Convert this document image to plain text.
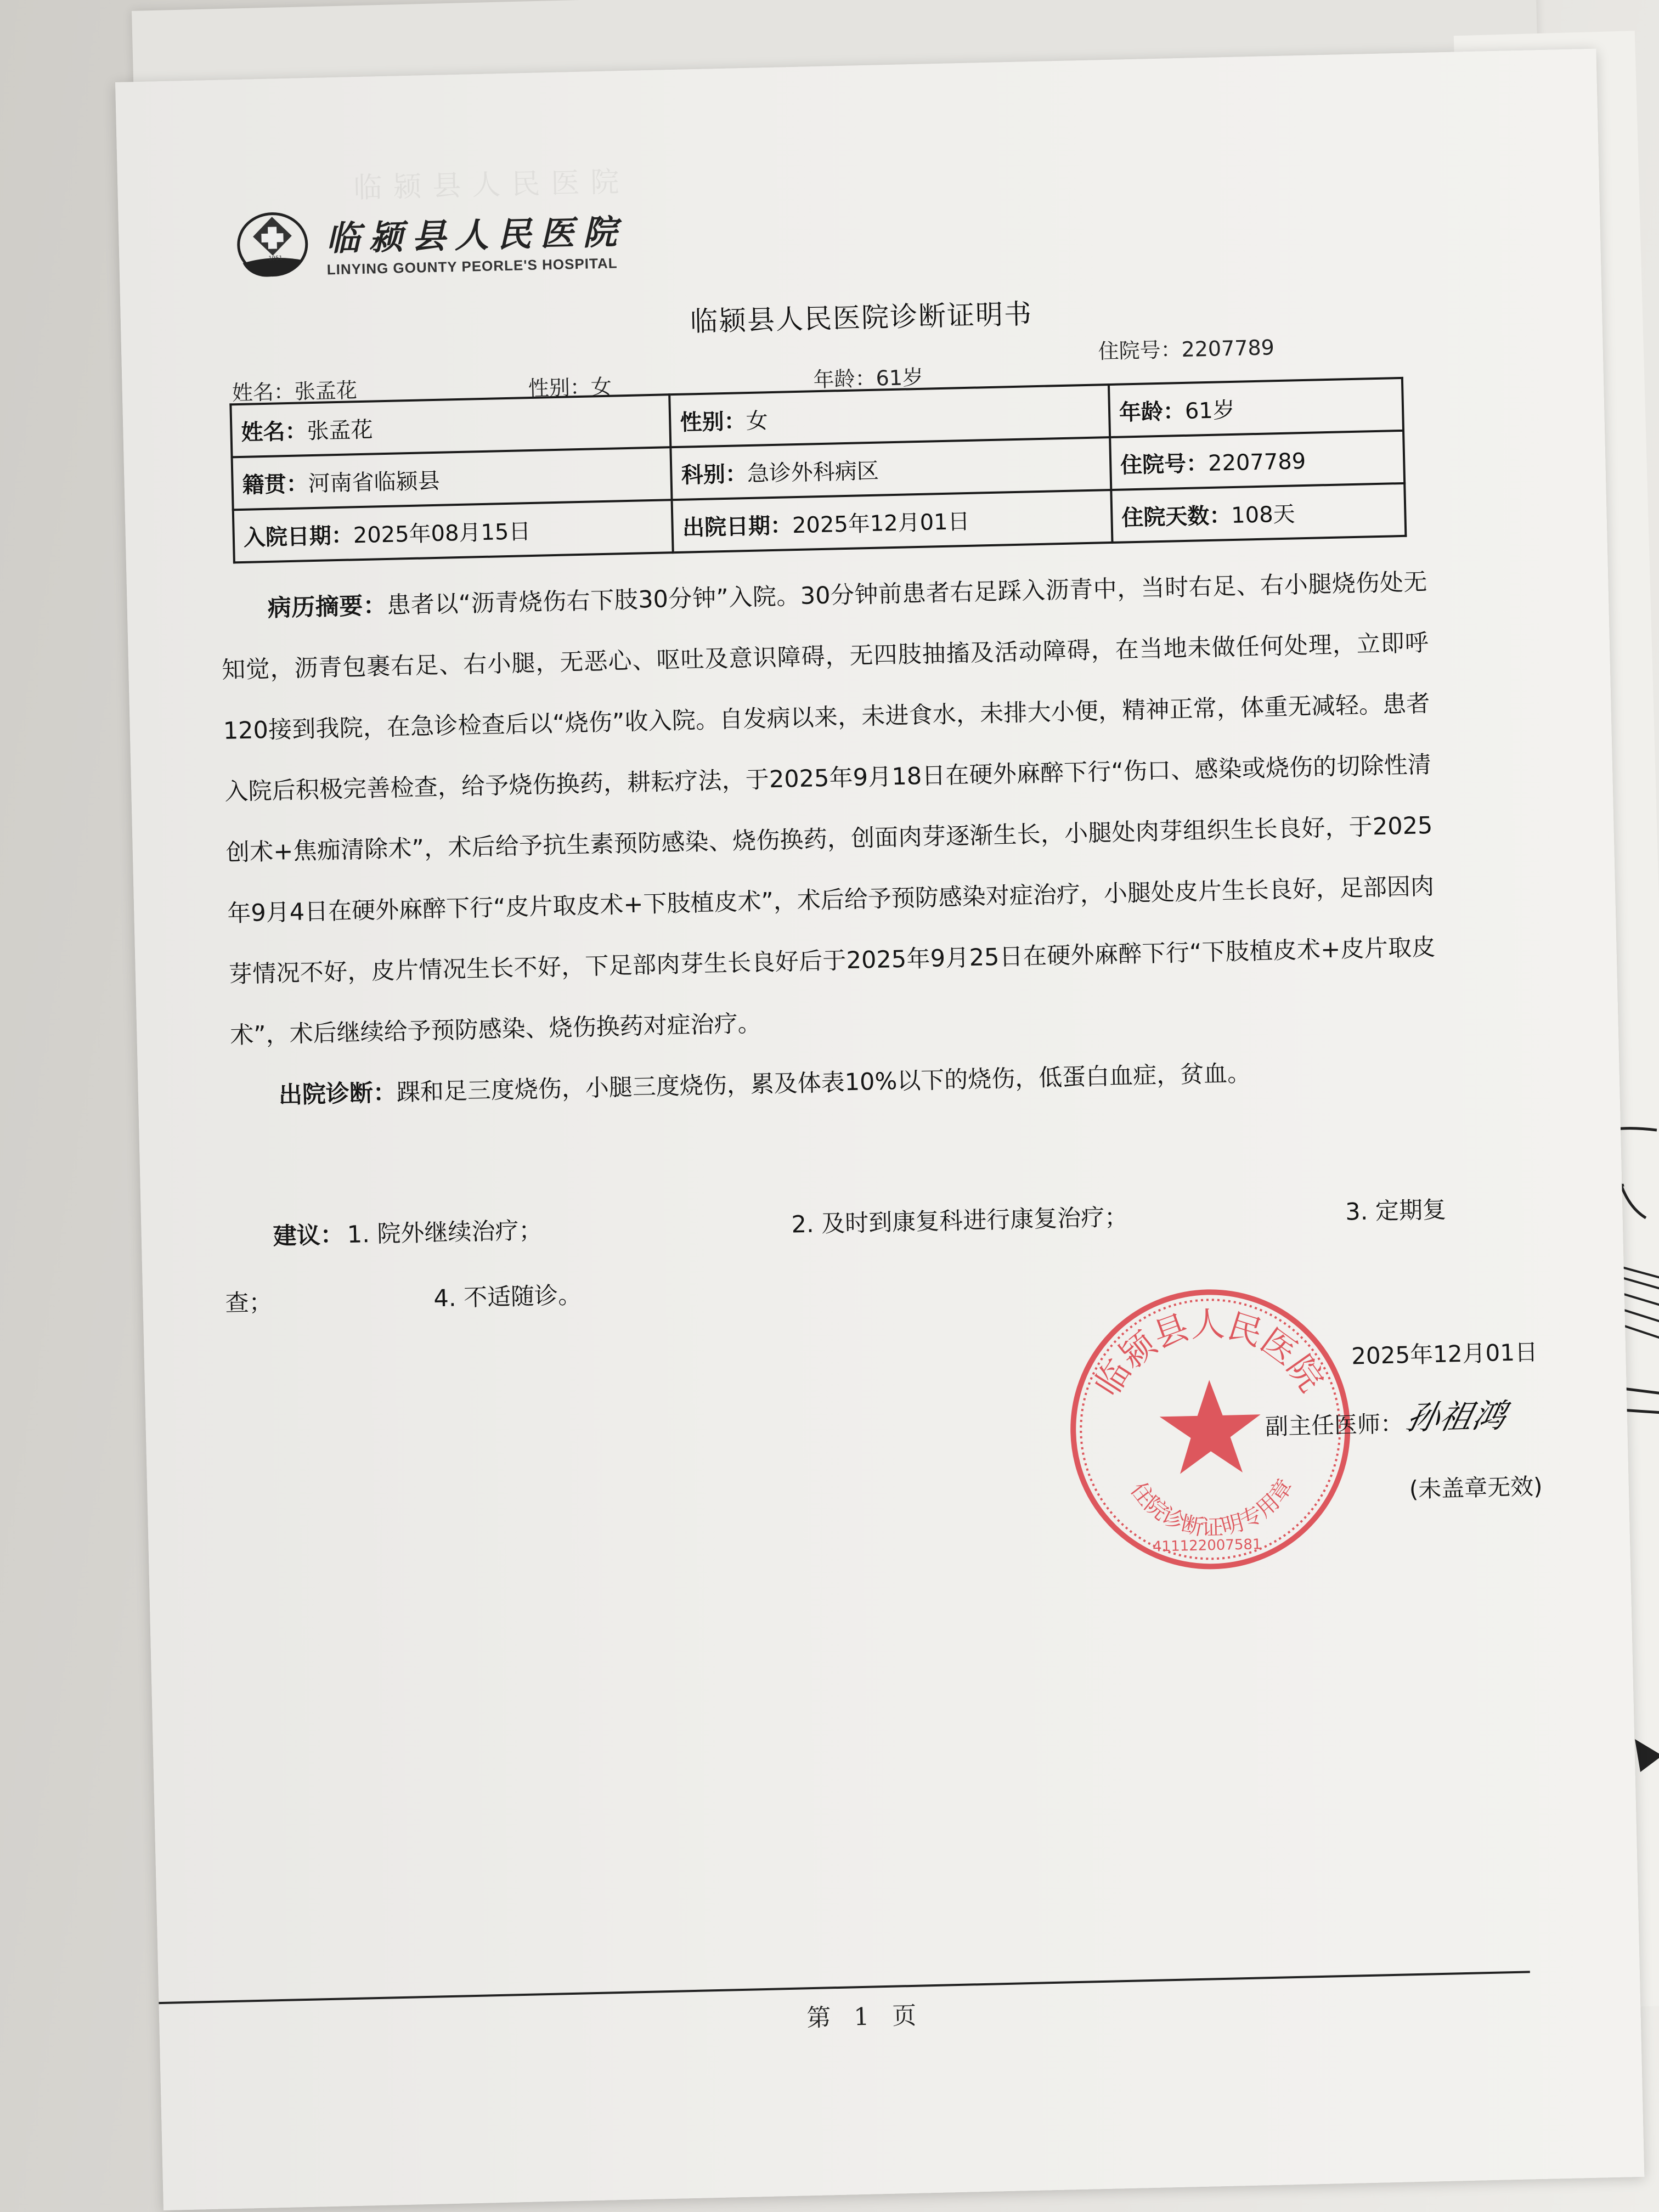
临颍县人民医院
1951 临颍县人民医院
LINYING GOUNTY PEORLE'S HOSPITAL
临颍县人民医院诊断证明书
姓名：张孟花	性别：女	年龄：61岁
住院号：2207789
姓名：张孟花	性别：女	年龄：61岁
籍贯：河南省临颍县	科别：急诊外科病区	住院号：2207789
入院日期：2025年08月15日	出院日期：2025年12月01日	住院天数：108天

病历摘要：患者以“沥青烧伤右下肢30分钟”入院。30分钟前患者右足踩入沥青中，当时右足、右小腿烧伤处无知觉，沥青包裹右足、右小腿，无恶心、呕吐及意识障碍，无四肢抽搐及活动障碍，在当地未做任何处理，立即呼120接到我院，在急诊检查后以“烧伤”收入院。自发病以来，未进食水，未排大小便，精神正常，体重无减轻。患者入院后积极完善检查，给予烧伤换药，耕耘疗法，于2025年9月18日在硬外麻醉下行“伤口、感染或烧伤的切除性清创术+焦痂清除术”，术后给予抗生素预防感染、烧伤换药，创面肉芽逐渐生长，小腿处肉芽组织生长良好，于2025年9月4日在硬外麻醉下行“皮片取皮术+下肢植皮术”，术后给予预防感染对症治疗，小腿处皮片生长良好，足部因肉芽情况不好，皮片情况生长不好，下足部肉芽生长良好后于2025年9月25日在硬外麻醉下行“下肢植皮术+皮片取皮术”，术后继续给予预防感染、烧伤换药对症治疗。

出院诊断：踝和足三度烧伤，小腿三度烧伤，累及体表10%以下的烧伤，低蛋白血症，贫血。

建议： 1. 院外继续治疗；	2. 及时到康复科进行康复治疗；	3. 定期复
查；	4. 不适随诊。
临颍县人民医院
住院诊断证明专用章
411122007581
2025年12月01日
副主任医师：
孙祖鸿
(未盖章无效)
第 1 页
